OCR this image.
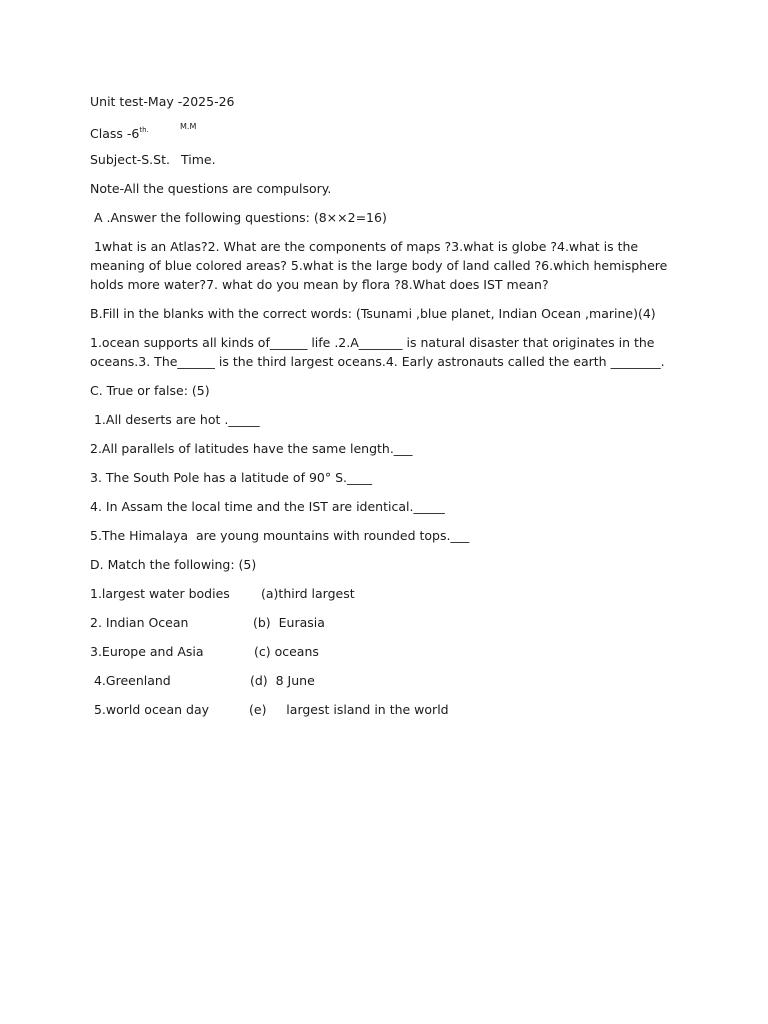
Unit test-May -2025-26
Class $-6^{th.}$	M.M
Subject-S.St. Time.
Note-All the questions are compulsory.
A .Answer the following questions: (8××2=16)
1what is an Atlas?2. What are the components of maps ?3.what is globe ?4.what is the meaning of blue colored areas? 5.what is the large body of land called ?6.which hemisphere holds more water?7. what do you mean by flora ?8.What does IST mean?
B.Fill in the blanks with the correct words: (Tsunami ,blue planet, Indian Ocean ,marine)(4)
1.ocean supports all kinds of______ life .2.A_______ is natural disaster that originates in the oceans.3. The______ is the third largest oceans.4. Early astronauts called the earth ________.
C. True or false: (5)
1.All deserts are hot ._____
2.All parallels of latitudes have the same length.___
3. The South Pole has a latitude of 90° S.____
4. In Assam the local time and the IST are identical._____
5.The Himalaya  are young mountains with rounded tops.___
D. Match the following: (5)
1.largest water bodies (a)third largest
2. Indian Ocean	(b)  Eurasia
3.Europe and Asia	(c) oceans
4.Greenland	(d)  8 June
5.world ocean day	(e)     largest island in the world
